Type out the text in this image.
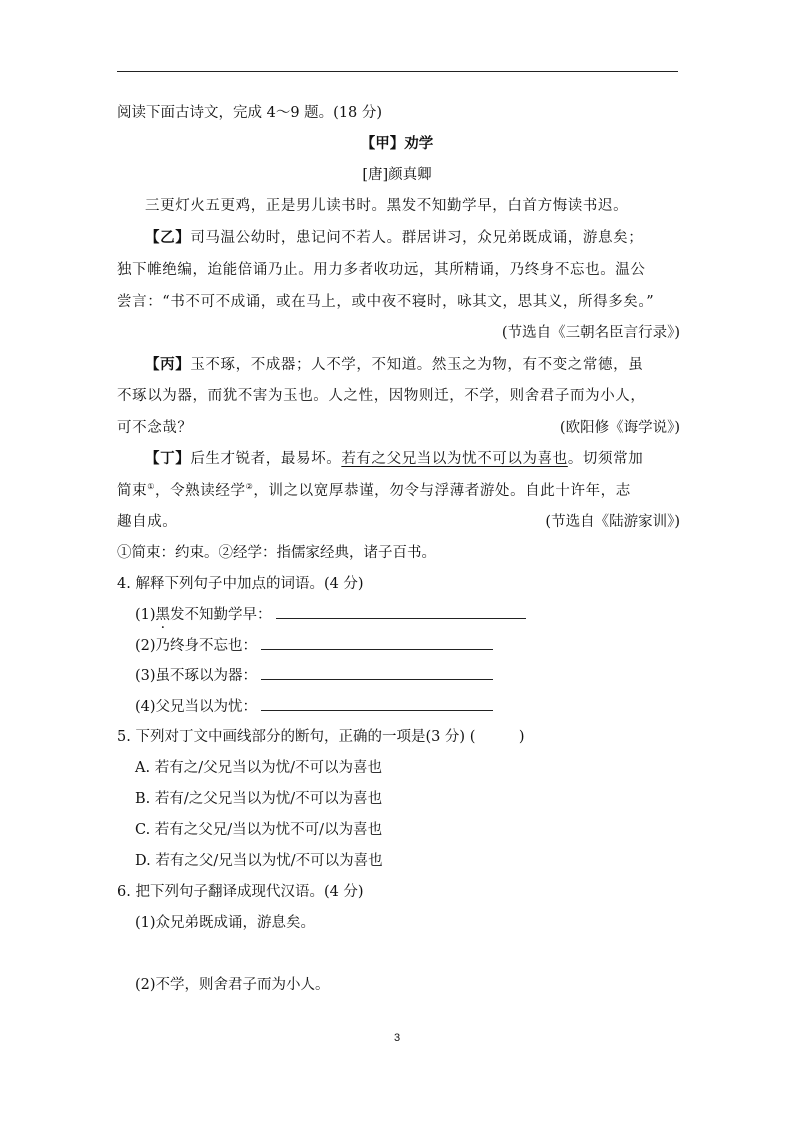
阅读下面古诗文，完成 4～9 题。(18 分)
【甲】劝学
[唐]颜真卿
三更灯火五更鸡，正是男儿读书时。黑发不知勤学早，白首方悔读书迟。
【乙】司马温公幼时，患记问不若人。群居讲习，众兄弟既成诵，游息矣；
独下帷绝编，迨能倍诵乃止。用力多者收功远，其所精诵，乃终身不忘也。温公
尝言：“书不可不成诵，或在马上，或中夜不寝时，咏其文，思其义，所得多矣。”
(节选自《三朝名臣言行录》)
【丙】玉不琢，不成器；人不学，不知道。然玉之为物，有不变之常德，虽
不琢以为器，而犹不害为玉也。人之性，因物则迁，不学，则舍君子而为小人，
可不念哉？	(欧阳修《诲学说》)
【丁】后生才锐者，最易坏。若有之父兄当以为忧不可以为喜也。切须常加
简束①，令熟读经学②，训之以宽厚恭谨，勿令与浮薄者游处。自此十许年，志
趣自成。	(节选自《陆游家训》)
①简束：约束。②经学：指儒家经典，诸子百书。
4. 解释下列句子中加点的词语。(4 分)
(1)黑发不知勤学早：
(2)乃终身不忘也：
(3)虽不琢以为器：
(4)父兄当以为忧：
5. 下列对丁文中画线部分的断句，正确的一项是(3 分) (　　　)
A. 若有之/父兄当以为忧/不可以为喜也
B. 若有/之父兄当以为忧/不可以为喜也
C. 若有之父兄/当以为忧不可/以为喜也
D. 若有之父/兄当以为忧/不可以为喜也
6. 把下列句子翻译成现代汉语。(4 分)
(1)众兄弟既成诵，游息矣。
(2)不学，则舍君子而为小人。
3
